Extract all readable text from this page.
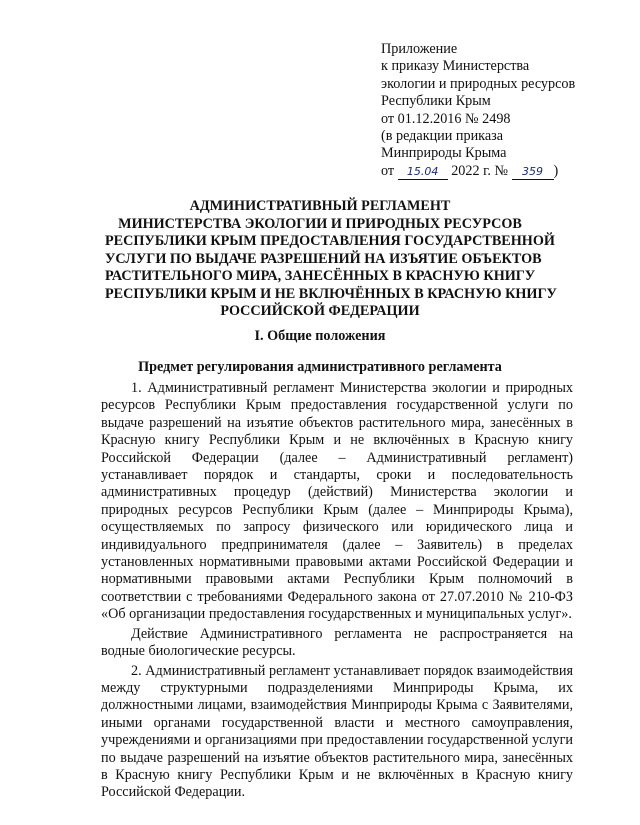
Приложение
к приказу Министерства
экологии и природных ресурсов
Республики Крым
от 01.12.2016 № 2498
(в редакции приказа
Минприроды Крыма
от 15.04 2022 г. № 359 )
АДМИНИСТРАТИВНЫЙ РЕГЛАМЕНТ
МИНИСТЕРСТВА ЭКОЛОГИИ И ПРИРОДНЫХ РЕСУРСОВ
РЕСПУБЛИКИ КРЫМ ПРЕДОСТАВЛЕНИЯ ГОСУДАРСТВЕННОЙ
УСЛУГИ ПО ВЫДАЧЕ РАЗРЕШЕНИЙ НА ИЗЪЯТИЕ ОБЪЕКТОВ
РАСТИТЕЛЬНОГО МИРА, ЗАНЕСЁННЫХ В КРАСНУЮ КНИГУ
РЕСПУБЛИКИ КРЫМ И НЕ ВКЛЮЧЁННЫХ В КРАСНУЮ КНИГУ
РОССИЙСКОЙ ФЕДЕРАЦИИ
I. Общие положения
Предмет регулирования административного регламента

1. Административный регламент Министерства экологии и природных ресурсов Республики Крым предоставления государственной услуги по выдаче разрешений на изъятие объектов растительного мира, занесённых в Красную книгу Республики Крым и не включённых в Красную книгу Российской Федерации (далее – Административный регламент) устанавливает порядок и стандарты, сроки и последовательность административных процедур (действий) Министерства экологии и природных ресурсов Республики Крым (далее – Минприроды Крыма), осуществляемых по запросу физического или юридического лица и индивидуального предпринимателя (далее – Заявитель) в пределах установленных нормативными правовыми актами Российской Федерации и нормативными правовыми актами Республики Крым полномочий в соответствии с требованиями Федерального закона от 27.07.2010 № 210-ФЗ «Об организации предоставления государственных и муниципальных услуг».

Действие Административного регламента не распространяется на водные биологические ресурсы.

2. Административный регламент устанавливает порядок взаимодействия между структурными подразделениями Минприроды Крыма, их должностными лицами, взаимодействия Минприроды Крыма с Заявителями, иными органами государственной власти и местного самоуправления, учреждениями и организациями при предоставлении государственной услуги по выдаче разрешений на изъятие объектов растительного мира, занесённых в Красную книгу Республики Крым и не включённых в Красную книгу Российской Федерации.
